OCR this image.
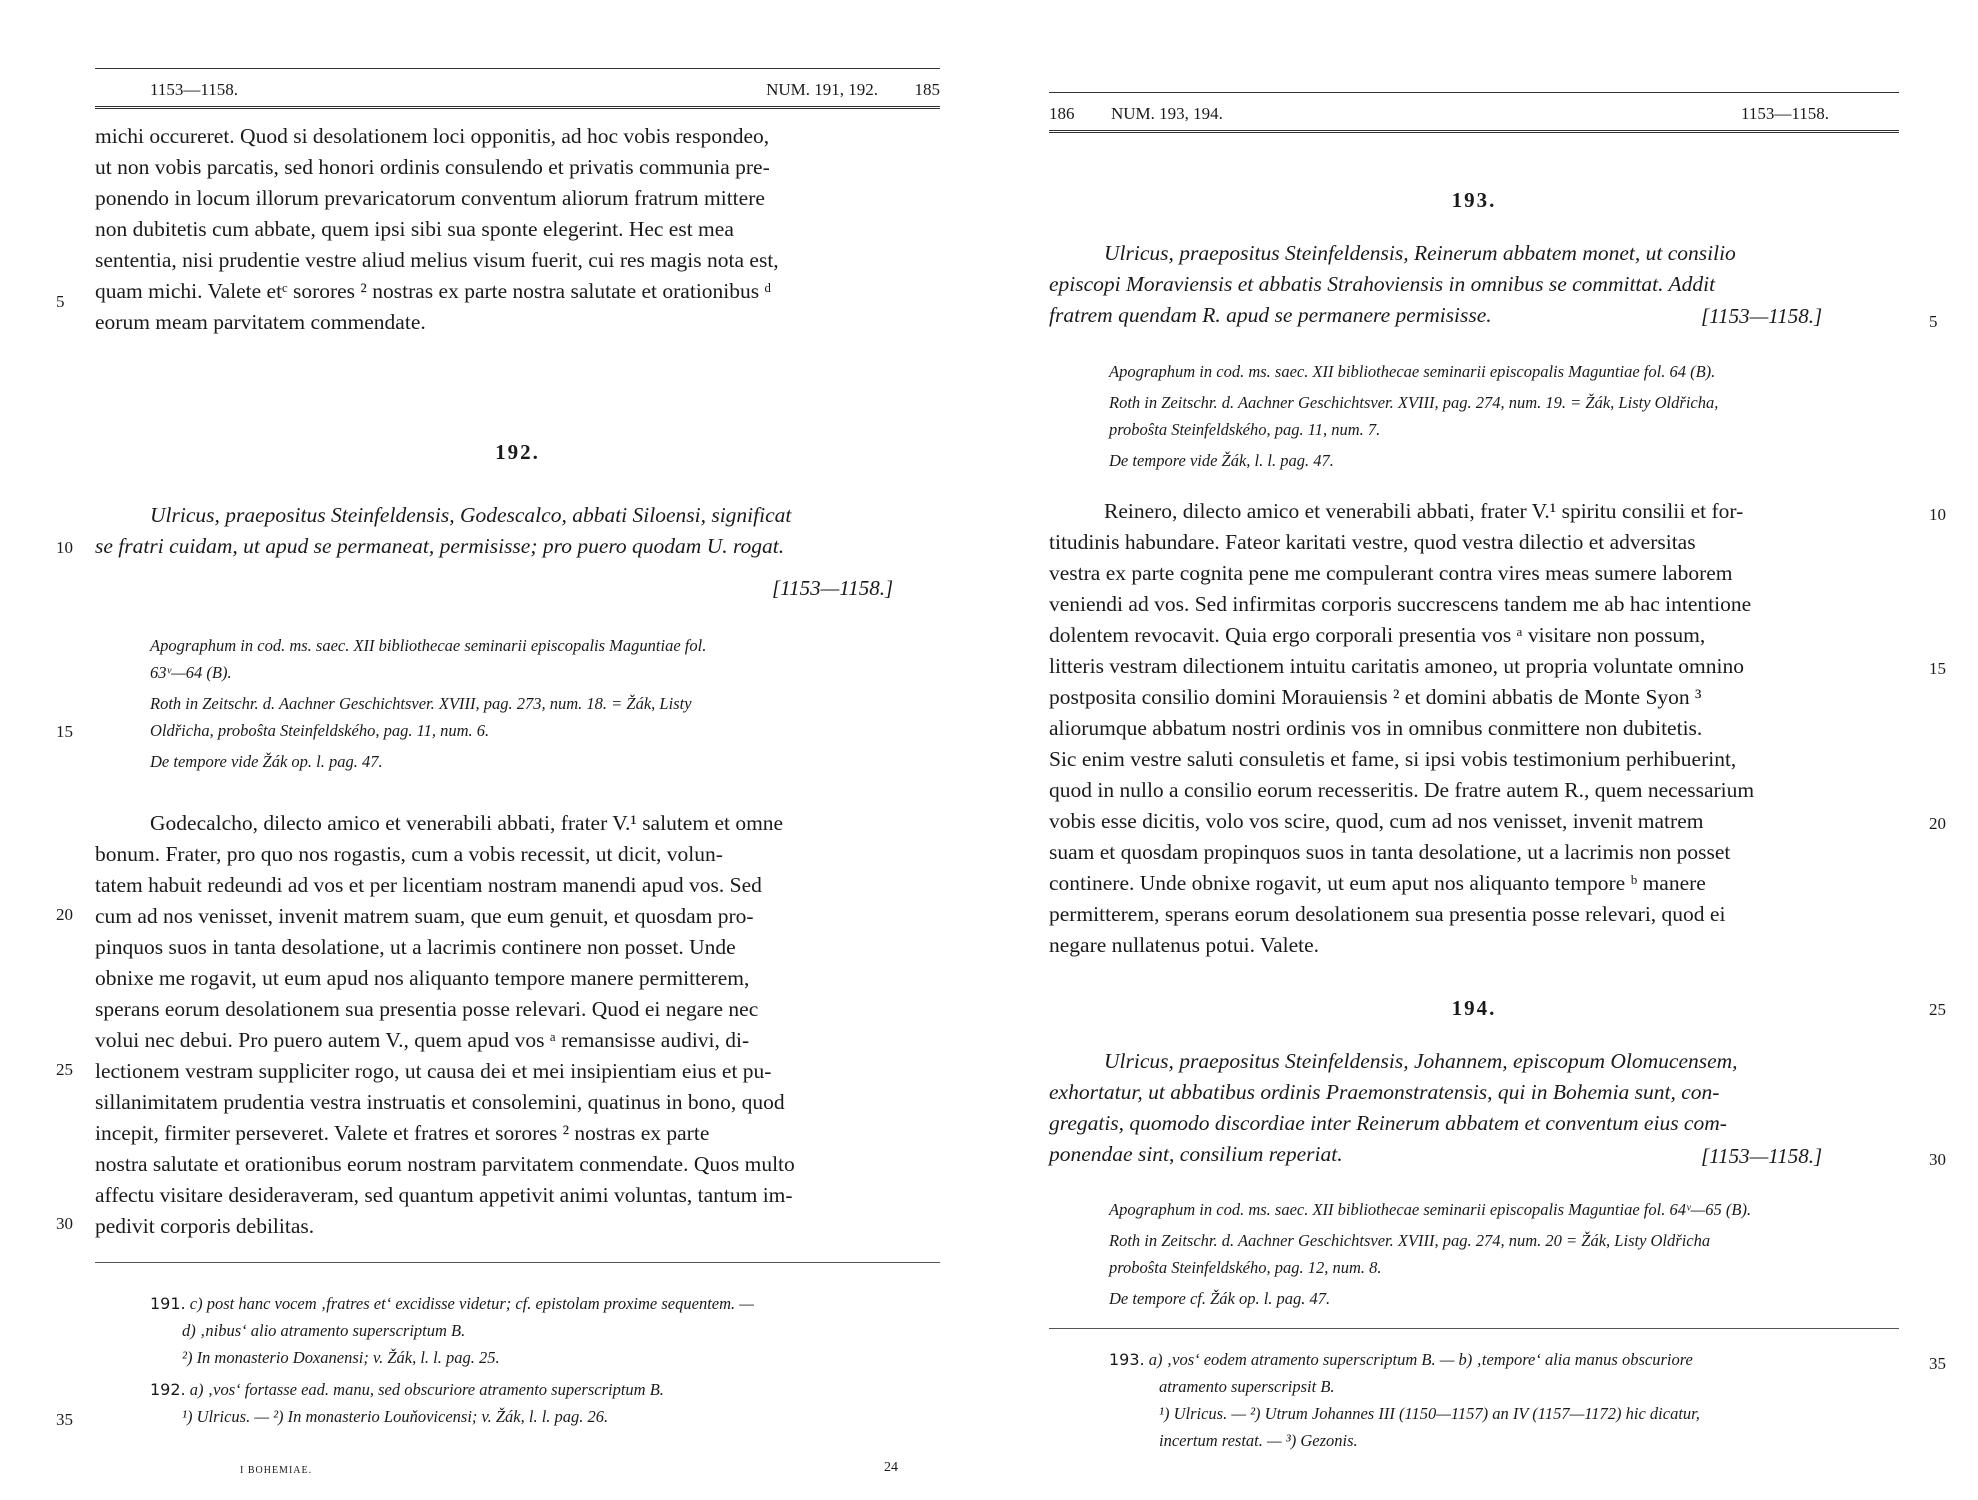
1153—1158.	NUM. 191, 192. 185
michi occureret. Quod si desolationem loci opponitis, ad hoc vobis respondeo,
ut non vobis parcatis, sed honori ordinis consulendo et privatis communia pre-
ponendo in locum illorum prevaricatorum conventum aliorum fratrum mittere
non dubitetis cum abbate, quem ipsi sibi sua sponte elegerint. Hec est mea
sententia, nisi prudentie vestre aliud melius visum fuerit, cui res magis nota est,
quam michi. Valete etᶜ sorores ² nostras ex parte nostra salutate et orationibus ᵈ
eorum meam parvitatem commendate.
192.
Ulricus, praepositus Steinfeldensis, Godescalco, abbati Siloensi, significat
se fratri cuidam, ut apud se permaneat, permisisse; pro puero quodam U. rogat.
[1153—1158.]
Apographum in cod. ms. saec. XII bibliothecae seminarii episcopalis Maguntiae fol.
63ᵛ—64 (B).
Roth in Zeitschr. d. Aachner Geschichtsver. XVIII, pag. 273, num. 18. = Žák, Listy
Oldřicha, proboŝta Steinfeldského, pag. 11, num. 6.
De tempore vide Žák op. l. pag. 47.
Godecalcho, dilecto amico et venerabili abbati, frater V.¹ salutem et omne
bonum. Frater, pro quo nos rogastis, cum a vobis recessit, ut dicit, volun-
tatem habuit redeundi ad vos et per licentiam nostram manendi apud vos. Sed
cum ad nos venisset, invenit matrem suam, que eum genuit, et quosdam pro-
pinquos suos in tanta desolatione, ut a lacrimis continere non posset. Unde
obnixe me rogavit, ut eum apud nos aliquanto tempore manere permitterem,
sperans eorum desolationem sua presentia posse relevari. Quod ei negare nec
volui nec debui. Pro puero autem V., quem apud vos ᵃ remansisse audivi, di-
lectionem vestram suppliciter rogo, ut causa dei et mei insipientiam eius et pu-
sillanimitatem prudentia vestra instruatis et consolemini, quatinus in bono, quod
incepit, firmiter perseveret. Valete et fratres et sorores ² nostras ex parte
nostra salutate et orationibus eorum nostram parvitatem conmendate. Quos multo
affectu visitare desideraveram, sed quantum appetivit animi voluntas, tantum im-
pedivit corporis debilitas.
5
10
15
20
25
30
35
191. c) post hanc vocem ‚fratres et‘ excidisse videtur; cf. epistolam proxime sequentem. —
d) ‚nibus‘ alio atramento superscriptum B.
²) In monasterio Doxanensi; v. Žák, l. l. pag. 25.
192. a) ‚vos‘ fortasse ead. manu, sed obscuriore atramento superscriptum B.
¹) Ulricus. — ²) In monasterio Louňovicensi; v. Žák, l. l. pag. 26.
I BOHEMIAE.	24
186 NUM. 193, 194.	1153—1158.
193.
Ulricus, praepositus Steinfeldensis, Reinerum abbatem monet, ut consilio
episcopi Moraviensis et abbatis Strahoviensis in omnibus se committat. Addit
fratrem quendam R. apud se permanere permisisse.	[1153—1158.]
Apographum in cod. ms. saec. XII bibliothecae seminarii episcopalis Maguntiae fol. 64 (B).
Roth in Zeitschr. d. Aachner Geschichtsver. XVIII, pag. 274, num. 19. = Žák, Listy Oldřicha,
proboŝta Steinfeldského, pag. 11, num. 7.
De tempore vide Žák, l. l. pag. 47.
Reinero, dilecto amico et venerabili abbati, frater V.¹ spiritu consilii et for-
titudinis habundare. Fateor karitati vestre, quod vestra dilectio et adversitas
vestra ex parte cognita pene me compulerant contra vires meas sumere laborem
veniendi ad vos. Sed infirmitas corporis succrescens tandem me ab hac intentione
dolentem revocavit. Quia ergo corporali presentia vos ᵃ visitare non possum,
litteris vestram dilectionem intuitu caritatis amoneo, ut propria voluntate omnino
postposita consilio domini Morauiensis ² et domini abbatis de Monte Syon ³
aliorumque abbatum nostri ordinis vos in omnibus conmittere non dubitetis.
Sic enim vestre saluti consuletis et fame, si ipsi vobis testimonium perhibuerint,
quod in nullo a consilio eorum recesseritis. De fratre autem R., quem necessarium
vobis esse dicitis, volo vos scire, quod, cum ad nos venisset, invenit matrem
suam et quosdam propinquos suos in tanta desolatione, ut a lacrimis non posset
continere. Unde obnixe rogavit, ut eum aput nos aliquanto tempore ᵇ manere
permitterem, sperans eorum desolationem sua presentia posse relevari, quod ei
negare nullatenus potui. Valete.
194.
Ulricus, praepositus Steinfeldensis, Johannem, episcopum Olomucensem,
exhortatur, ut abbatibus ordinis Praemonstratensis, qui in Bohemia sunt, con-
gregatis, quomodo discordiae inter Reinerum abbatem et conventum eius com-
ponendae sint, consilium reperiat.	[1153—1158.]
Apographum in cod. ms. saec. XII bibliothecae seminarii episcopalis Maguntiae fol. 64ᵛ—65 (B).
Roth in Zeitschr. d. Aachner Geschichtsver. XVIII, pag. 274, num. 20 = Žák, Listy Oldřicha
proboŝta Steinfeldského, pag. 12, num. 8.
De tempore cf. Žák op. l. pag. 47.
5
10
15
20
25
30
35
193. a) ‚vos‘ eodem atramento superscriptum B. — b) ‚tempore‘ alia manus obscuriore
atramento superscripsit B.
¹) Ulricus. — ²) Utrum Johannes III (1150—1157) an IV (1157—1172) hic dicatur,
incertum restat. — ³) Gezonis.
